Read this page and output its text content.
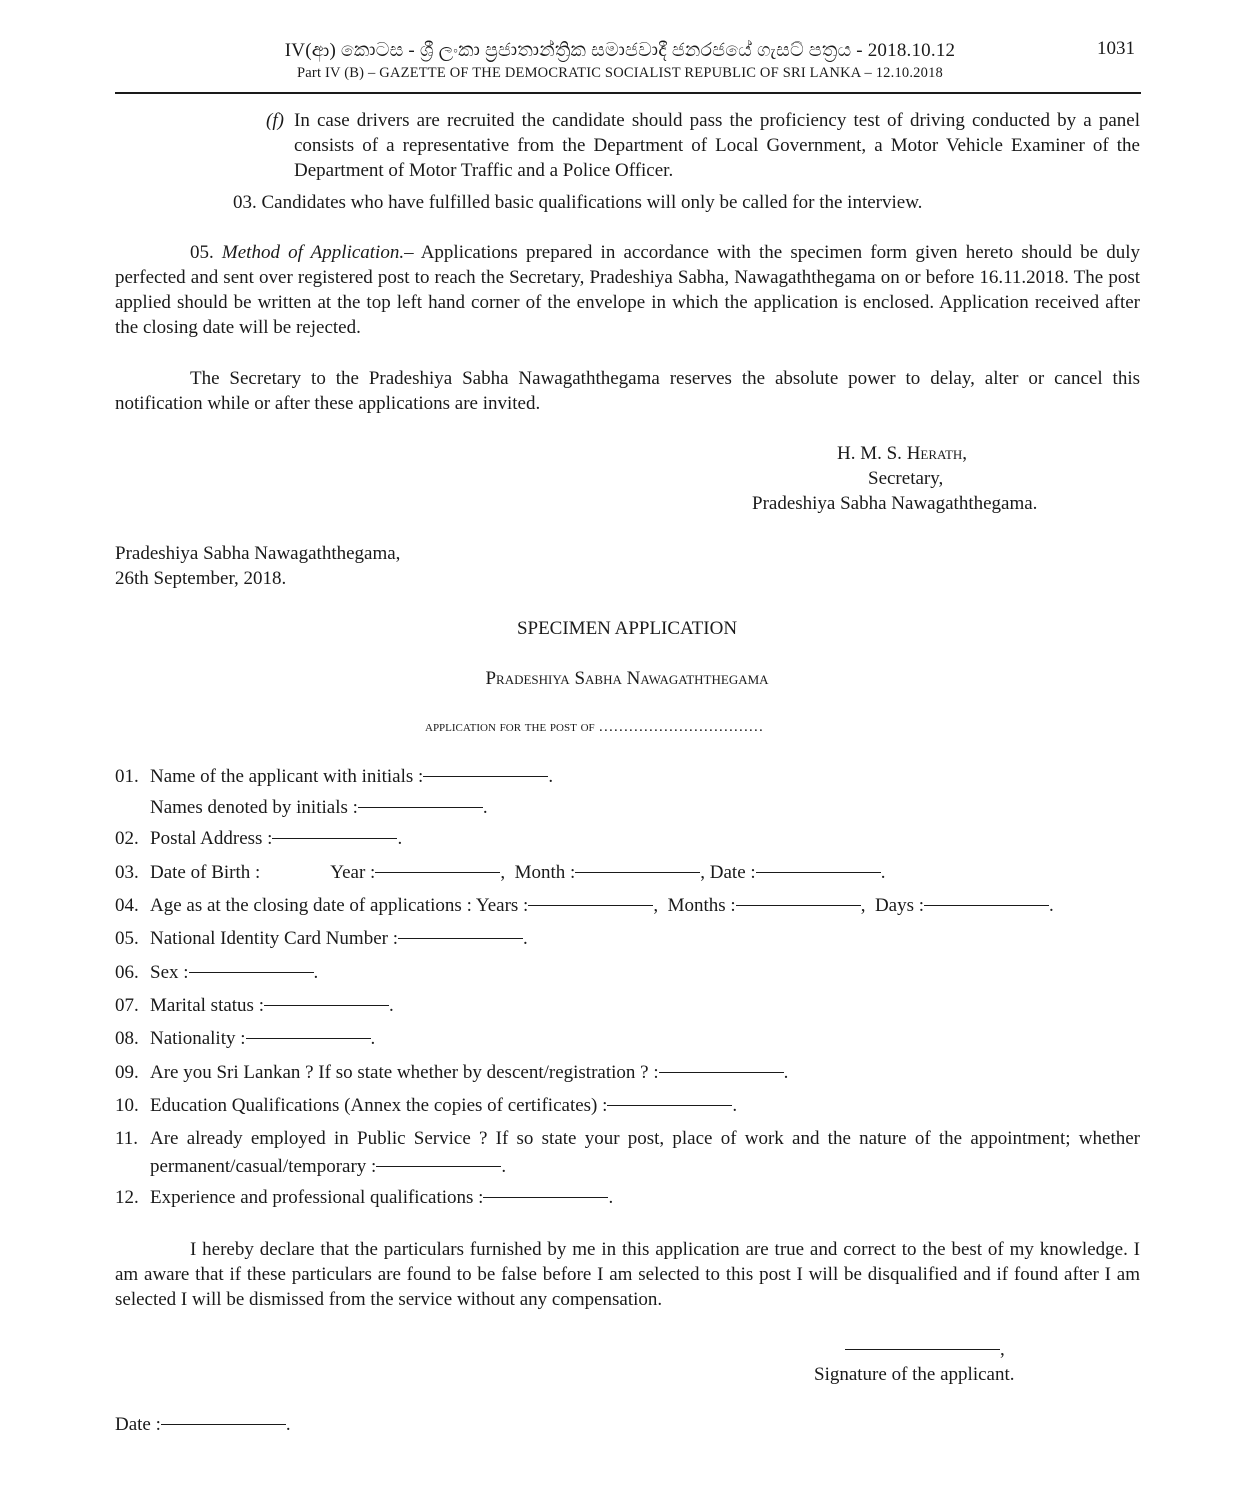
IV(ආ) කොටස - ශ්‍රී ලංකා ප්‍රජාතාන්ත්‍රික සමාජවාදී ජනරජයේ ගැසට් පත්‍රය - 2018.10.12
Part IV (B) – GAZETTE OF THE DEMOCRATIC SOCIALIST REPUBLIC OF SRI LANKA – 12.10.2018
1031
(f) In case drivers are recruited the candidate should pass the proficiency test of driving conducted by a panel consists of a representative from the Department of Local Government, a Motor Vehicle Examiner of the Department of Motor Traffic and a Police Officer.
03. Candidates who have fulfilled basic qualifications will only be called for the interview.
05. Method of Application.– Applications prepared in accordance with the specimen form given hereto should be duly perfected and sent over registered post to reach the Secretary, Pradeshiya Sabha, Nawagaththegama on or before 16.11.2018. The post applied should be written at the top left hand corner of the envelope in which the application is enclosed. Application received after the closing date will be rejected.
The Secretary to the Pradeshiya Sabha Nawagaththegama reserves the absolute power to delay, alter or cancel this notification while or after these applications are invited.
H. M. S. Herath,
Secretary,
Pradeshiya Sabha Nawagaththegama.
Pradeshiya Sabha Nawagaththegama,
26th September, 2018.
SPECIMEN APPLICATION
Pradeshiya Sabha Nawagaththegama
application for the post of ……………………………
01. Name of the applicant with initials :	.
Names denoted by initials :	.
02. Postal Address :	.
03. Date of Birth :	Year :	, Month :	, Date :	.
04. Age as at the closing date of applications : Years :	, Months :	, Days :	.
05. National Identity Card Number :	.
06. Sex :	.
07. Marital status :	.
08. Nationality :	.
09. Are you Sri Lankan ? If so state whether by descent/registration ? :	.
10. Education Qualifications (Annex the copies of certificates) :	.
11. Are already employed in Public Service ? If so state your post, place of work and the nature of the appointment; whether permanent/casual/temporary :	.
12. Experience and professional qualifications :	.
I hereby declare that the particulars furnished by me in this application are true and correct to the best of my knowledge. I am aware that if these particulars are found to be false before I am selected to this post I will be disqualified and if found after I am selected I will be dismissed from the service without any compensation.
,
Signature of the applicant.
Date :	.
